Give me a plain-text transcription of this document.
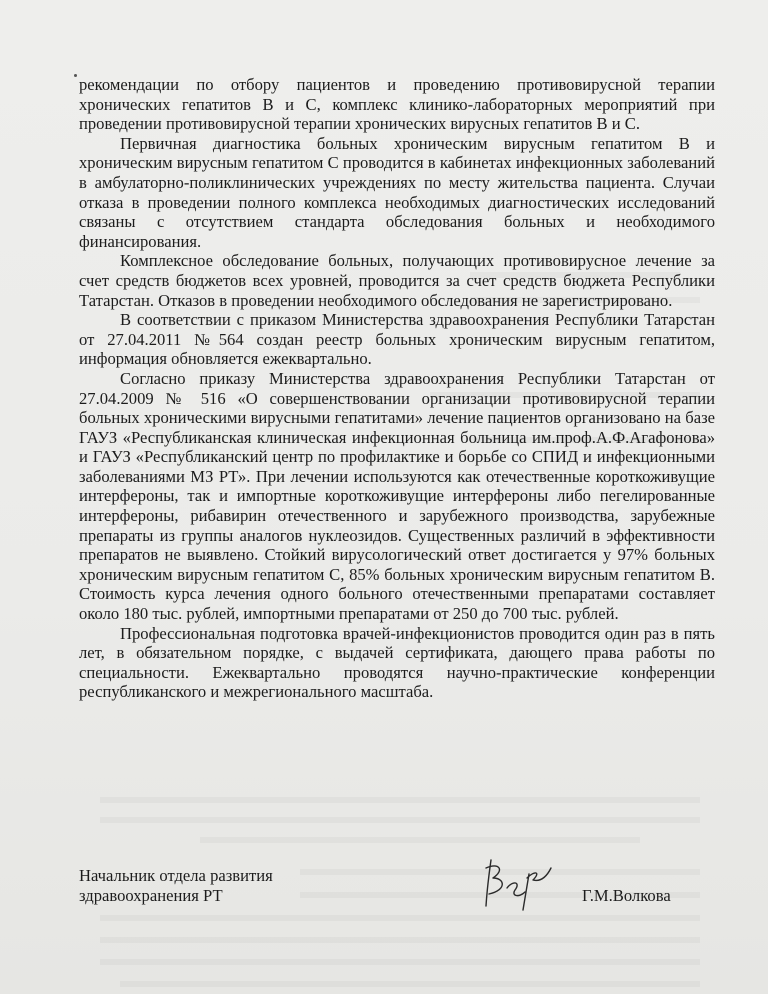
рекомендации по отбору пациентов и проведению противовирусной терапии хронических гепатитов В и С, комплекс клинико-лабораторных мероприятий при проведении противовирусной терапии хронических вирусных гепатитов В и С.

Первичная диагностика больных хроническим вирусным гепатитом В и хроническим вирусным гепатитом С проводится в кабинетах инфекционных заболеваний в амбулаторно-поликлинических учреждениях по месту жительства пациента. Случаи отказа в проведении полного комплекса необходимых диагностических исследований связаны с отсутствием стандарта обследования больных и необходимого финансирования.

Комплексное обследование больных, получающих противовирусное лечение за счет средств бюджетов всех уровней, проводится за счет средств бюджета Республики Татарстан. Отказов в проведении необходимого обследования не зарегистрировано.

В соответствии с приказом Министерства здравоохранения Республики Татарстан от 27.04.2011 №564 создан реестр больных хроническим вирусным гепатитом, информация обновляется ежеквартально.

Согласно приказу Министерства здравоохранения Республики Татарстан от 27.04.2009 № 516 «О совершенствовании организации противовирусной терапии больных хроническими вирусными гепатитами» лечение пациентов организовано на базе ГАУЗ «Республиканская клиническая инфекционная больница им.проф.А.Ф.Агафонова» и ГАУЗ «Республиканский центр по профилактике и борьбе со СПИД и инфекционными заболеваниями МЗ РТ». При лечении используются как отечественные короткоживущие интерфероны, так и импортные короткоживущие интерфероны либо пегелированные интерфероны, рибавирин отечественного и зарубежного производства, зарубежные препараты из группы аналогов нуклеозидов. Существенных различий в эффективности препаратов не выявлено. Стойкий вирусологический ответ достигается у 97% больных хроническим вирусным гепатитом С, 85% больных хроническим вирусным гепатитом В. Стоимость курса лечения одного больного отечественными препаратами составляет около 180 тыс. рублей, импортными препаратами от 250 до 700 тыс. рублей.

Профессиональная подготовка врачей-инфекционистов проводится один раз в пять лет, в обязательном порядке, с выдачей сертификата, дающего права работы по специальности. Ежеквартально проводятся научно-практические конференции республиканского и межрегионального масштаба.

Начальник отдела развития

здравоохранения РТ	Г.М.Волкова
